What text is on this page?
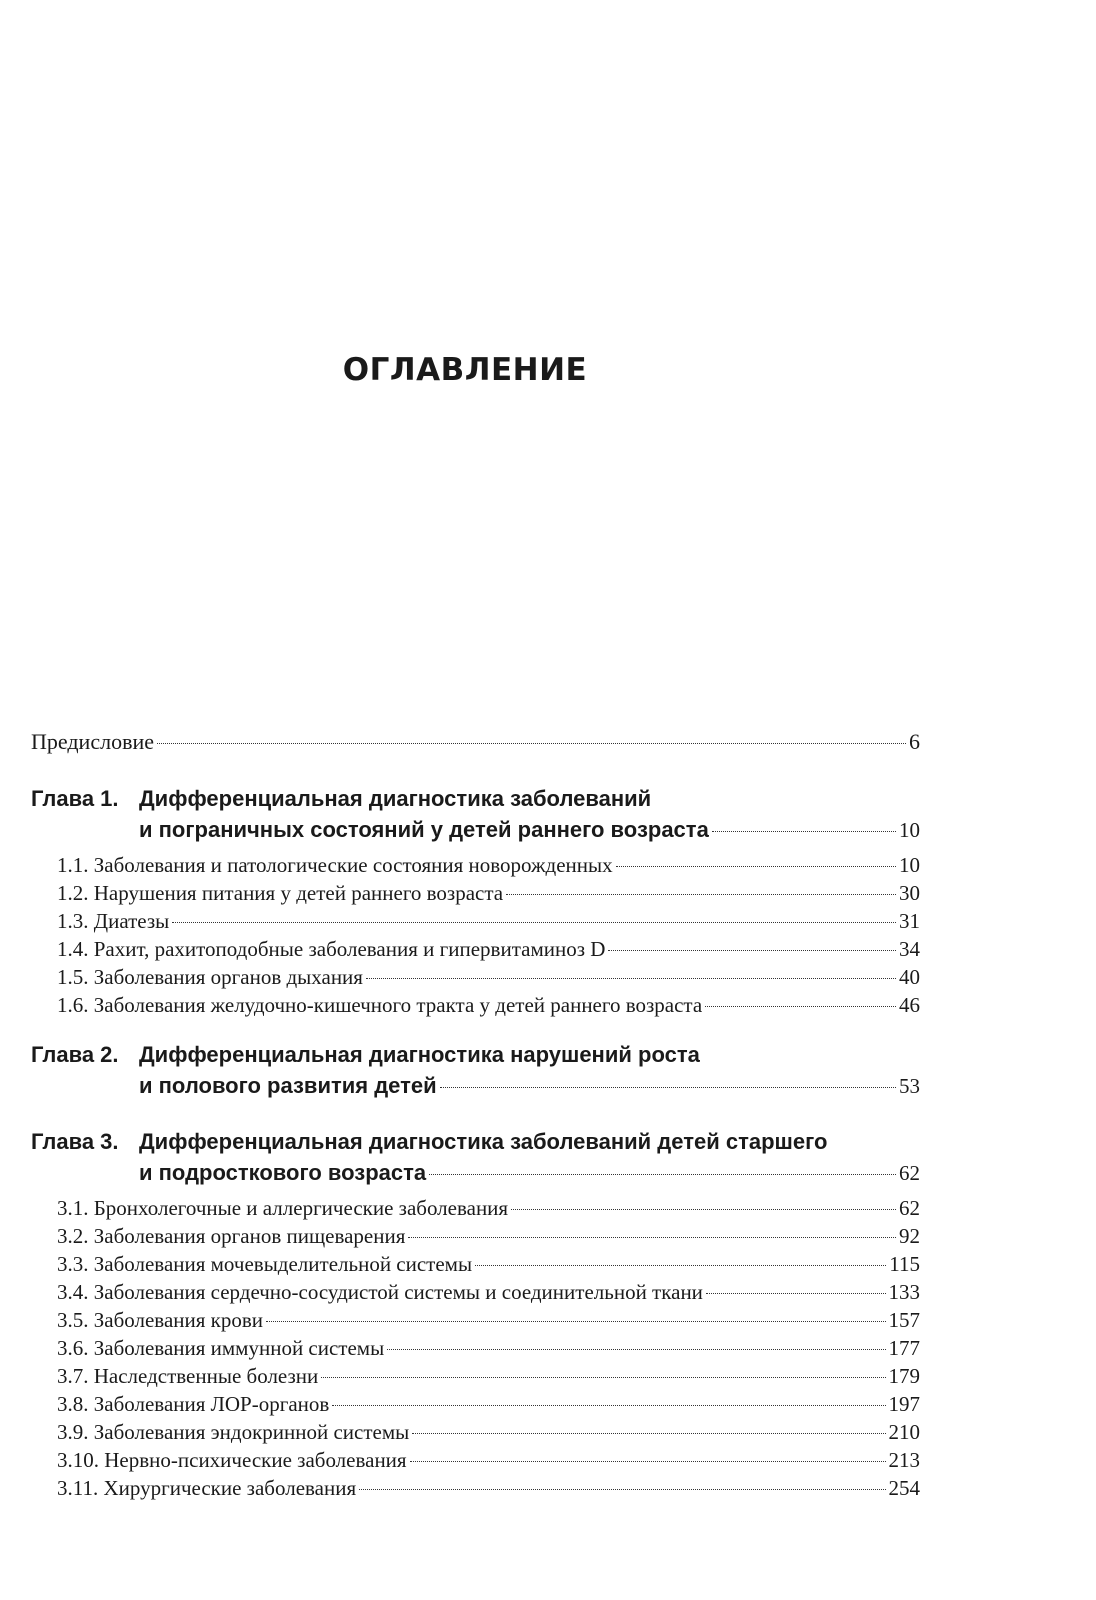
ОГЛАВЛЕНИЕ
Предисловие	6
Глава 1. Дифференциальная диагностика заболеваний
и пограничных состояний у детей раннего возраста	10
1.1. Заболевания и патологические состояния новорожденных	10
1.2. Нарушения питания у детей раннего возраста	30
1.3. Диатезы	31
1.4. Рахит, рахитоподобные заболевания и гипервитаминоз D	34
1.5. Заболевания органов дыхания	40
1.6. Заболевания желудочно-кишечного тракта у детей раннего возраста	46
Глава 2. Дифференциальная диагностика нарушений роста
и полового развития детей	53
Глава 3. Дифференциальная диагностика заболеваний детей старшего
и подросткового возраста	62
3.1. Бронхолегочные и аллергические заболевания	62
3.2. Заболевания органов пищеварения	92
3.3. Заболевания мочевыделительной системы	115
3.4. Заболевания сердечно-сосудистой системы и соединительной ткани	133
3.5. Заболевания крови	157
3.6. Заболевания иммунной системы	177
3.7. Наследственные болезни	179
3.8. Заболевания ЛОР-органов	197
3.9. Заболевания эндокринной системы	210
3.10. Нервно-психические заболевания	213
3.11. Хирургические заболевания	254
